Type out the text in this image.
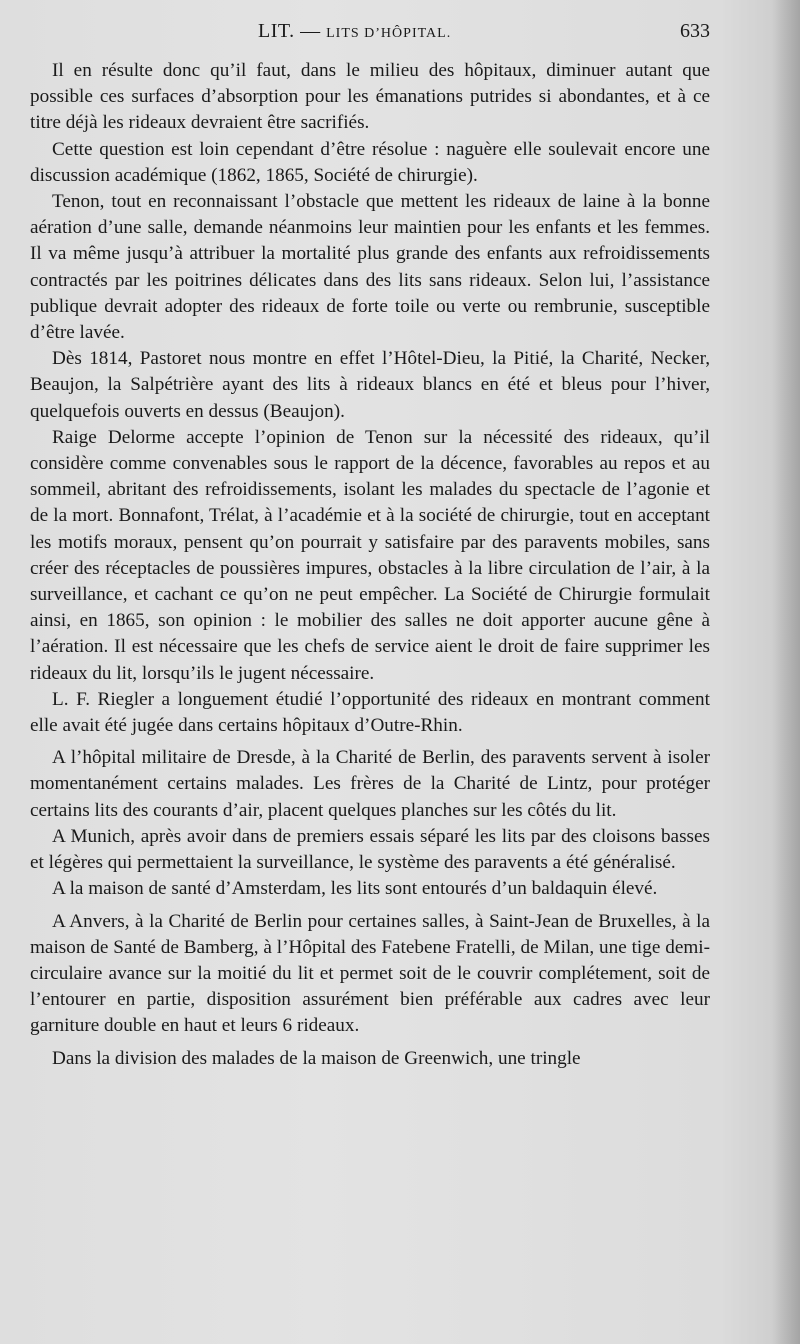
LIT. — LITS D’HÔPITAL.	633

Il en résulte donc qu’il faut, dans le milieu des hôpitaux, diminuer autant que possible ces surfaces d’absorption pour les émanations putrides si abondantes, et à ce titre déjà les rideaux devraient être sacrifiés.

Cette question est loin cependant d’être résolue : naguère elle soulevait encore une discussion académique (1862, 1865, Société de chirurgie).

Tenon, tout en reconnaissant l’obstacle que mettent les rideaux de laine à la bonne aération d’une salle, demande néanmoins leur maintien pour les enfants et les femmes. Il va même jusqu’à attribuer la mortalité plus grande des enfants aux refroidissements contractés par les poitrines délicates dans des lits sans rideaux. Selon lui, l’assistance publique devrait adopter des rideaux de forte toile ou verte ou rembrunie, susceptible d’être lavée.

Dès 1814, Pastoret nous montre en effet l’Hôtel-Dieu, la Pitié, la Charité, Necker, Beaujon, la Salpétrière ayant des lits à rideaux blancs en été et bleus pour l’hiver, quelquefois ouverts en dessus (Beaujon).

Raige Delorme accepte l’opinion de Tenon sur la nécessité des rideaux, qu’il considère comme convenables sous le rapport de la décence, favorables au repos et au sommeil, abritant des refroidissements, isolant les malades du spectacle de l’agonie et de la mort. Bonnafont, Trélat, à l’académie et à la société de chirurgie, tout en acceptant les motifs moraux, pensent qu’on pourrait y satisfaire par des paravents mobiles, sans créer des réceptacles de poussières impures, obstacles à la libre circulation de l’air, à la surveillance, et cachant ce qu’on ne peut empêcher. La Société de Chirurgie formulait ainsi, en 1865, son opinion : le mobilier des salles ne doit apporter aucune gêne à l’aération. Il est nécessaire que les chefs de service aient le droit de faire supprimer les rideaux du lit, lorsqu’ils le jugent nécessaire.

L. F. Riegler a longuement étudié l’opportunité des rideaux en montrant comment elle avait été jugée dans certains hôpitaux d’Outre-Rhin.

A l’hôpital militaire de Dresde, à la Charité de Berlin, des paravents servent à isoler momentanément certains malades. Les frères de la Charité de Lintz, pour protéger certains lits des courants d’air, placent quelques planches sur les côtés du lit.

A Munich, après avoir dans de premiers essais séparé les lits par des cloisons basses et légères qui permettaient la surveillance, le système des paravents a été généralisé.

A la maison de santé d’Amsterdam, les lits sont entourés d’un baldaquin élevé.

A Anvers, à la Charité de Berlin pour certaines salles, à Saint-Jean de Bruxelles, à la maison de Santé de Bamberg, à l’Hôpital des Fatebene Fratelli, de Milan, une tige demi-circulaire avance sur la moitié du lit et permet soit de le couvrir complétement, soit de l’entourer en partie, disposition assurément bien préférable aux cadres avec leur garniture double en haut et leurs 6 rideaux.

Dans la division des malades de la maison de Greenwich, une tringle
